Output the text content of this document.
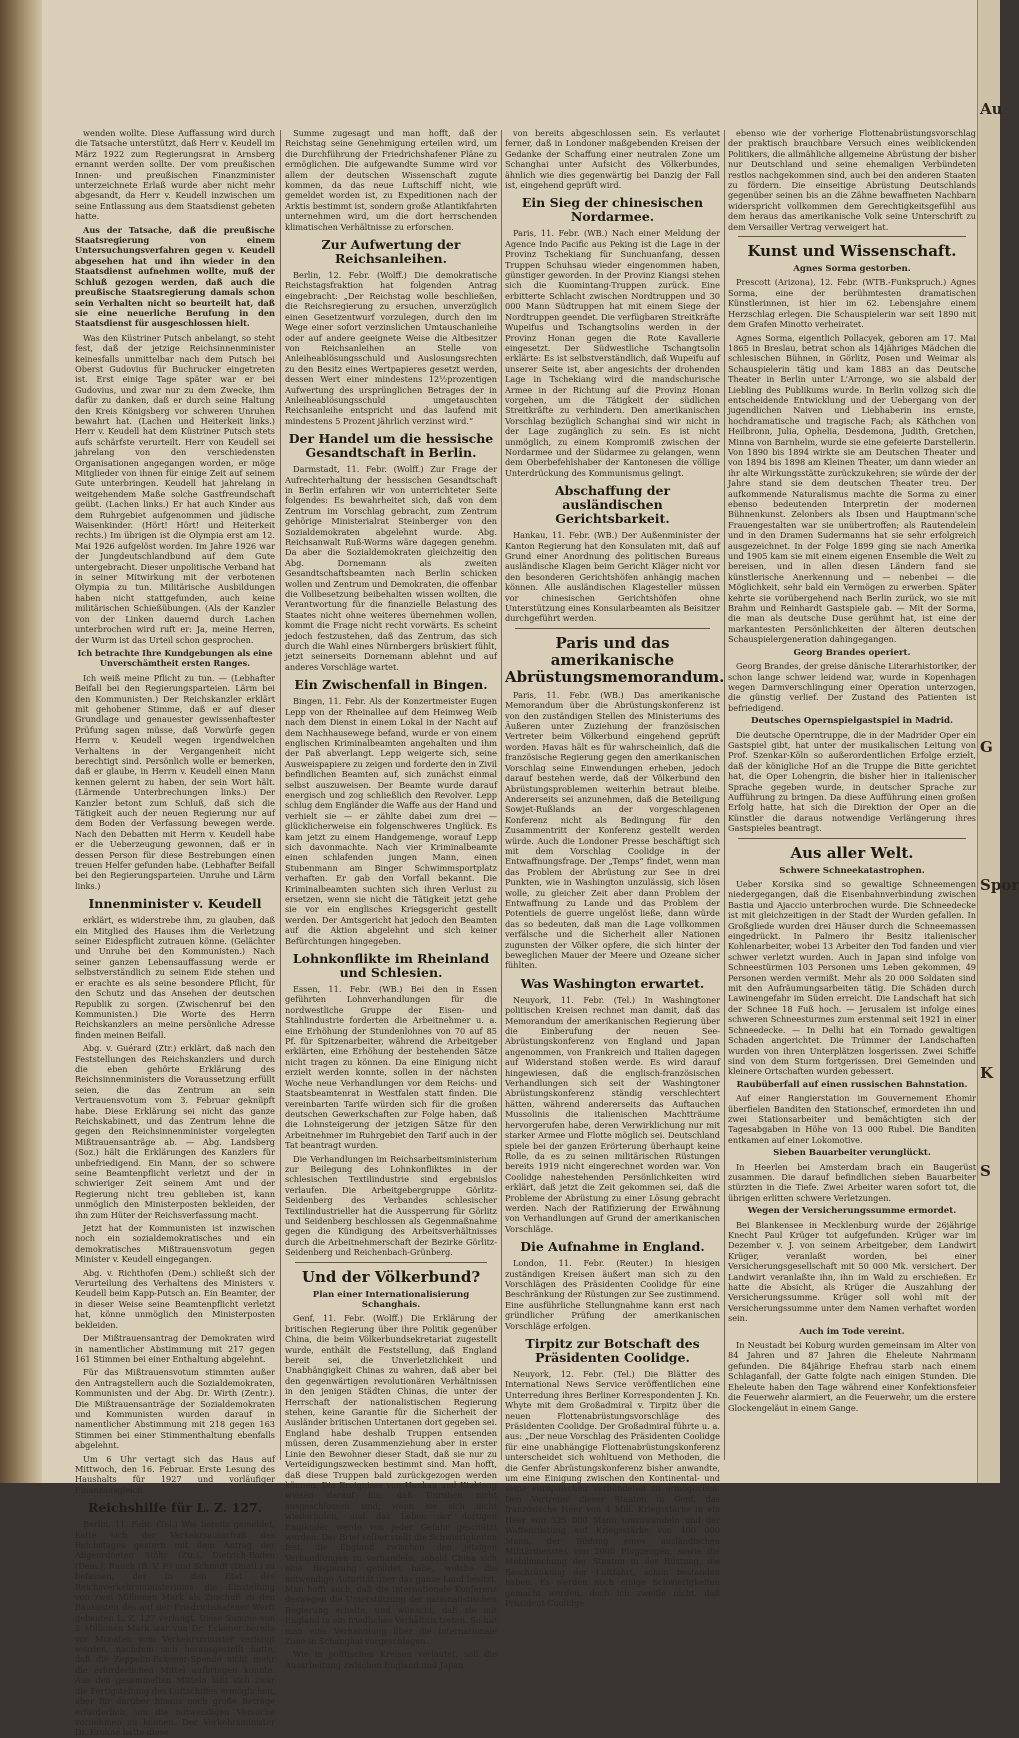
wenden wollte. Diese Auffassung wird durch die Tatsache unterstützt, daß Herr v. Keudell im März 1922 zum Regierungsrat in Arnsberg ernannt werden sollte. Der vom preußischen Innen- und preußischen Finanzminister unterzeichnete Erlaß wurde aber nicht mehr abgesandt, da Herr v. Keudell inzwischen um seine Entlassung aus dem Staatsdienst gebeten hatte.

Aus der Tatsache, daß die preußische Staatsregierung von einem Untersuchungsverfahren gegen v. Keudell abgesehen hat und ihn wieder in den Staatsdienst aufnehmen wollte, muß der Schluß gezogen werden, daß auch die preußische Staatsregierung damals schon sein Verhalten nicht so beurteilt hat, daß sie eine neuerliche Berufung in den Staatsdienst für ausgeschlossen hielt.

Was den Küstriner Putsch anbelangt, so steht fest, daß der jetzige Reichsinnenminister keinesfalls unmittelbar nach dem Putsch bei Oberst Gudovius für Buchrucker eingetreten ist. Erst einige Tage später war er bei Gudovius, und zwar nur zu dem Zwecke, ihm dafür zu danken, daß er durch seine Haltung den Kreis Königsberg vor schweren Unruhen bewahrt hat. (Lachen und Heiterkeit links.) Herr v. Keudell hat dem Küstriner Putsch stets aufs schärfste verurteilt. Herr von Keudell sei jahrelang von den verschiedensten Organisationen angegangen worden, er möge Mitglieder von ihnen für einige Zeit auf seinem Gute unterbringen. Keudell hat jahrelang in weitgehendem Maße solche Gastfreundschaft geübt. (Lachen links.) Er hat auch Kinder aus dem Ruhrgebiet aufgenommen und jüdische Waisenkinder. (Hört! Hört! und Heiterkeit rechts.) Im übrigen ist die Olympia erst am 12. Mai 1926 aufgelöst worden. Im Jahre 1926 war der Jungdeutschlandbund auf dem Gute untergebracht. Dieser unpolitische Verband hat in seiner Mitwirkung mit der verbotenen Olympia zu tun. Militärische Ausbildungen haben nicht stattgefunden, auch keine militärischen Schießübungen. (Als der Kanzler von der Linken dauernd durch Lachen unterbrochen wird ruft er: Ja, meine Herren, der Wurm ist das Urteil schon gesprochen.

Ich betrachte Ihre Kundgebungen als eine Unverschämtheit ersten Ranges.

Ich weiß meine Pflicht zu tun. — (Lebhafter Beifall bei den Regierungsparteien. Lärm bei den Kommunisten.) Der Reichskanzler erklärt mit gehobener Stimme, daß er auf dieser Grundlage und genauester gewissenhaftester Prüfung sagen müsse, daß Vorwürfe gegen Herrn v. Keudell wegen irgendwelchen Verhaltens in der Vergangenheit nicht berechtigt sind. Persönlich wolle er bemerken, daß er glaube, in Herrn v. Keudell einen Mann kennen gelernt zu haben, der sein Wort hält. (Lärmende Unterbrechungen links.) Der Kanzler betont zum Schluß, daß sich die Tätigkeit auch der neuen Regierung nur auf dem Boden der Verfassung bewegen werde. Nach den Debatten mit Herrn v. Keudell habe er die Ueberzeugung gewonnen, daß er in dessen Person für diese Bestrebungen einen treuen Helfer gefunden habe. (Lebhafter Beifall bei den Regierungsparteien. Unruhe und Lärm links.)

Innenminister v. Keudell

erklärt, es widerstrebe ihm, zu glauben, daß ein Mitglied des Hauses ihm die Verletzung seiner Eidespflicht zutrauen könne. (Gelächter und Unruhe bei den Kommunisten.) Nach seiner ganzen Lebensauffassung werde er selbstverständlich zu seinem Eide stehen und er erachte es als seine besondere Pflicht, für den Schutz und das Ansehen der deutschen Republik zu sorgen. (Zwischenruf bei den Kommunisten.) Die Worte des Herrn Reichskanzlers an meine persönliche Adresse finden meinen Beifall.

Abg. v. Guérard (Ztr.) erklärt, daß nach den Feststellungen des Reichskanzlers und durch die eben gehörte Erklärung des Reichsinnenministers die Voraussetzung erfüllt seien, die das Zentrum an sein Vertrauensvotum vom 3. Februar geknüpft habe. Diese Erklärung sei nicht das ganze Reichskabinett, und das Zentrum lehne die gegen den Reichsinnenminister vorgelegten Mißtrauensanträge ab. — Abg. Landsberg (Soz.) hält die Erklärungen des Kanzlers für unbefriedigend. Ein Mann, der so schwere seine Beamtenpflicht verletzt und der in schwieriger Zeit seinem Amt und der Regierung nicht treu geblieben ist, kann unmöglich den Ministerposten bekleiden, der ihn zum Hüter der Reichsverfassung macht.

Jetzt hat der Kommunisten ist inzwischen noch ein sozialdemokratisches und ein demokratisches Mißtrauensvotum gegen Minister v. Keudell eingegangen.

Abg. v. Richthofen (Dem.) schließt sich der Verurteilung des Verhaltens des Ministers v. Keudell beim Kapp-Putsch an. Ein Beamter, der in dieser Weise seine Beamtenpflicht verletzt hat, könne unmöglich den Ministerposten bekleiden.

Der Mißtrauensantrag der Demokraten wird in namentlicher Abstimmung mit 217 gegen 161 Stimmen bei einer Enthaltung abgelehnt.

Für das Mißtrauensvotum stimmten außer den Antragstellern auch die Sozialdemokraten, Kommunisten und der Abg. Dr. Wirth (Zentr.). Die Mißtrauensanträge der Sozialdemokraten und Kommunisten wurden darauf in namentlicher Abstimmung mit 218 gegen 163 Stimmen bei einer Stimmenthaltung ebenfalls abgelehnt.

Um 6 Uhr vertagt sich das Haus auf Mittwoch, den 16. Februar. Erste Lesung des Haushalts für 1927 und vorläufiger Finanzausgleich.

Reichshilfe für L. Z. 127.

Berlin, 11. Febr. (Tel.) Wie bereits gemeldet, hatte sich der Verkehrsausschuß des Reichstages gestern mit dem Antrag der Abgeordneten Stöhr (Ztr.), Dietrich-Baden (Dem.), Rauch (B. V. P.) und Schmidt (Dnatl.) zu befassen, der in den Etat des Reichsverkehrsministeriums die Einstellung von zwei Millionen Mark als Zuschuß zu den Baukosten des auf der Friedrichshafener Werft gebauten L. Z. 127 verlangt. Diese Summe von 2 Millionen Mark war von Dr. Eckener bereits vor Monaten vom Verkehrsminister verlangt worden, nachdem sich herausgestellt hatte, daß die Zeppelin-Eckener-Spende nicht mehr die erforderlichen Mittel aufbringen konnte. Aus den gesammelten Mitteln läßt sich zwar die Fertigstellung des Luftschiffes ermöglichen, aber für darüber hinaus noch große Beträge erforderlich, um die notwendigen Versuche vornehmen zu können. Der Verkehrsminister Dr. Krohne hatte diese

Summe zugesagt und man hofft, daß der Reichstag seine Genehmigung erteilen wird, um die Durchführung der Friedrichshafener Pläne zu ermöglichen. Die aufgewandte Summe wird vor allem der deutschen Wissenschaft zugute kommen, da das neue Luftschiff nicht, wie gemeldet worden ist, zu Expeditionen nach der Arktis bestimmt ist, sondern große Atlantikfahrten unternehmen wird, um die dort herrschenden klimatischen Verhältnisse zu erforschen.

Zur Aufwertung der Reichsanleihen.

Berlin, 12. Febr. (Wolff.) Die demokratische Reichstagsfraktion hat folgenden Antrag eingebracht: „Der Reichstag wolle beschließen, die Reichsregierung zu ersuchen, unverzüglich einen Gesetzentwurf vorzulegen, durch den im Wege einer sofort verzinslichen Umtauschanleihe oder auf andere geeignete Weise die Altbesitzer von Reichsanleihen an Stelle von Anleiheablösungsschuld und Auslosungsrechten zu den Besitz eines Wertpapieres gesetzt werden, dessen Wert einer mindestens 12½prozentigen Aufwertung des ursprünglichen Betrages der in Anleiheablösungsschuld umgetauschten Reichsanleihe entspricht und das laufend mit mindestens 5 Prozent jährlich verzinst wird.“

Der Handel um die hessische Gesandtschaft in Berlin.

Darmstadt, 11. Febr. (Wolff.) Zur Frage der Aufrechterhaltung der hessischen Gesandtschaft in Berlin erfahren wir von unterrichteter Seite folgendes: Es bewahrheitet sich, daß von dem Zentrum im Vorschlag gebracht, zum Zentrum gehörige Ministerialrat Steinberger von den Sozialdemokraten abgelehnt wurde. Abg. Reichsanwalt Ruß-Worms wäre dagegen genehm. Da aber die Sozialdemokraten gleichzeitig den Abg. Dornemann als zweiten Gesandtschaftsbeamten nach Berlin schicken wollen und Zentrum und Demokraten, die offenbar die Vollbesetzung beibehalten wissen wollten, die Verantwortung für die finanzielle Belastung des Staates nicht ohne weiteres übernehmen wollen, kommt die Frage nicht recht vorwärts. Es scheint jedoch festzustehen, daß das Zentrum, das sich durch die Wahl eines Nürnbergers brüskiert fühlt, jetzt seinerseits Dornemann ablehnt und auf anderes Vorschläge wartet.

Ein Zwischenfall in Bingen.

Bingen, 11. Febr. Als der Konzertmeister Eugen Lepp von der Rheinallee auf dem Heimweg Weib nach dem Dienst in einem Lokal in der Nacht auf dem Nachhausewege befand, wurde er von einem englischen Kriminalbeamten angehalten und ihm der Paß abverlangt. Lepp weigerte sich, seine Ausweispapiere zu zeigen und forderte den in Zivil befindlichen Beamten auf, sich zunächst einmal selbst auszuweisen. Der Beamte wurde darauf energisch und zog schließlich den Revolver. Lepp schlug dem Engländer die Waffe aus der Hand und verhielt sie — er zählte dabei zum drei — glücklicherweise ein folgenschweres Unglück. Es kam jetzt zu einem Handgemenge, worauf Lepp sich davonmachte. Nach vier Kriminalbeamte einen schlafenden jungen Mann, einen Stubenmann am Binger Schwimmsportplatz verhaften. Er gab den Vorfall bekannt. Die Kriminalbeamten suchten sich ihren Verlust zu ersetzen, wenn sie nicht die Tätigkeit jetzt gehe sie vor ein englisches Kriegsgericht gestellt werden. Der Amtsgericht hat jedoch den Beamten auf die Aktion abgelehnt und sich keiner Befürchtungen hingegeben.

Lohnkonflikte im Rheinland und Schlesien.

Essen, 11. Febr. (WB.) Bei den in Essen geführten Lohnverhandlungen für die nordwestliche Gruppe der Eisen- und Stahlindustrie forderten die Arbeitnehmer u. a. eine Erhöhung der Stundenlohnes von 70 auf 85 Pf. für Spitzenarbeiter, während die Arbeitgeber erklärten, eine Erhöhung der bestehenden Sätze nicht tragen zu können. Da eine Einigung nicht erzielt werden konnte, sollen in der nächsten Woche neue Verhandlungen vor dem Reichs- und Staatsbeamtenrat in Westfalen statt finden. Die vereinbarten Tarife würden sich für die großen deutschen Gewerkschaften zur Folge haben, daß die Lohnsteigerung der jetzigen Sätze für den Arbeitnehmer im Ruhrgebiet den Tarif auch in der Tat beantragt wurden.

Die Verhandlungen im Reichsarbeitsministerium zur Beilegung des Lohnkonfliktes in der schlesischen Textilindustrie sind ergebnislos verlaufen. Die Arbeitgebergruppe Görlitz-Seidenberg des Verbandes schlesischer Textilindustrieller hat die Aussperrung für Görlitz und Seidenberg beschlossen als Gegenmaßnahme gegen die Kündigung des Arbeitsverhältnisses durch die Arbeitnehmerschaft der Bezirke Görlitz-Seidenberg und Reichenbach-Grünberg.

Und der Völkerbund?
Plan einer Internationalisierung Schanghais.

Genf, 11. Febr. (Wolff.) Die Erklärung der britischen Regierung über ihre Politik gegenüber China, die beim Völkerbundsekretariat zugestellt wurde, enthält die Feststellung, daß England bereit sei, die Unverletzlichkeit und Unabhängigkeit Chinas zu wahren, daß aber bei den gegenwärtigen revolutionären Verhältnissen in den jenigen Städten Chinas, die unter der Herrschaft der nationalistischen Regierung stehen, keine Garantie für die Sicherheit der Ausländer britischen Untertanen dort gegeben sei. England habe deshalb Truppen entsenden müssen, deren Zusammenziehung aber in erster Linie den Bewohner dieser Stadt, daß sie nur zu Verteidigungszwecken bestimmt sind. Man hofft, daß diese Truppen bald zurückgezogen werden können. Die Ereignisse von Hankau und Kiukiang wiesen darauf hin, daß Unruhen nicht ausgeschlossen sind, wenn sie sich nicht wiederholen, und das Leben der dortigen Engländer werde von jeder Gefahr geschützt werden. Der Brief selber stellt die Schwierigkeiten fest, die England zwischen den jetzigen Verhandlungen zu verhandeln, sobald China sich eine Regierung gebildet habe, welche die notwendige Autorität über das ganze Land besitzt. Man hofft auch, daß die internationale Konferenz deswegen die Unterstützung der nationalistischen Regierung erhalte, und wünscht, daß sie mit England in ein friedliches Verhältnis treten. So hat man eine Verhandlung über die internationale Zone in Schanghai vorgeschlagen.

Wie in politischen Kreisen verlautet, soll die Ausarbeitung zwischen England und Japan

von bereits abgeschlossen sein. Es verlautet ferner, daß in Londoner maßgebenden Kreisen der Gedanke der Schaffung einer neutralen Zone um Schanghai unter Aufsicht des Völkerbundes, ähnlich wie dies gegenwärtig bei Danzig der Fall ist, eingehend geprüft wird.

Ein Sieg der chinesischen Nordarmee.

Paris, 11. Febr. (WB.) Nach einer Meldung der Agence Indo Pacific aus Peking ist die Lage in der Provinz Tschekiang für Sunchuanfang, dessen Truppen Schuhsau wieder eingenommen haben, günstiger geworden. In der Provinz Kiangsi stehen sich die Kuomintang-Truppen zurück. Eine erbitterte Schlacht zwischen Nordtruppen und 30 000 Mann Südtruppen hat mit einem Siege der Nordtruppen geendet. Die verfügbaren Streitkräfte Wupeifus und Tschangtsolins werden in der Provinz Honan gegen die Rote Kavallerie eingesetzt. Der Südwestliche Tschangtsolin erklärte: Es ist selbstverständlich, daß Wupeifu auf unserer Seite ist, aber angesichts der drohenden Lage in Tschekiang wird die mandschurische Armee in der Richtung auf die Provinz Honan vorgehen, um die Tätigkeit der südlichen Streitkräfte zu verhindern. Den amerikanischen Vorschlag bezüglich Schanghai sind wir nicht in der Lage zugänglich zu sein. Es ist nicht unmöglich, zu einem Kompromiß zwischen der Nordarmee und der Südarmee zu gelangen, wenn dem Oberbefehlshaber der Kantonesen die völlige Unterdrückung des Kommunismus gelingt.

Abschaffung der ausländischen Gerichtsbarkeit.

Hankau, 11. Febr. (WB.) Der Außenminister der Kanton Regierung hat den Konsulaten mit, daß auf Grund einer Anordnung des politischen Bureaus ausländische Klagen beim Gericht Kläger nicht vor den besonderen Gerichtshöfen anhängig machen können. Alle ausländischen Klagesteller müssen vor chinesischen Gerichtshöfen ohne Unterstützung eines Konsularbeamten als Beisitzer durchgeführt werden.

Paris und das amerikanische Abrüstungsmemorandum.

Paris, 11. Febr. (WB.) Das amerikanische Memorandum über die Abrüstungskonferenz ist von den zuständigen Stellen des Ministeriums des Äußeren unter Zuziehung der französischen Vertreter beim Völkerbund eingehend geprüft worden. Havas hält es für wahrscheinlich, daß die französische Regierung gegen den amerikanischen Vorschlag seine Einwendungen erheben, jedoch darauf bestehen werde, daß der Völkerbund den Abrüstungsproblemen weiterhin betraut bleibe. Andererseits sei anzunehmen, daß die Beteiligung Sowjet-Rußlands an der vorgeschlagenen Konferenz nicht als Bedingung für den Zusammentritt der Konferenz gestellt werden würde. Auch die Londoner Presse beschäftigt sich mit dem Vorschlag Coolidge in der Entwaffnungsfrage. Der „Temps“ findet, wenn man das Problem der Abrüstung zur See in drei Punkten, wie in Washington unzulässig, sich lösen wolle, zu gleicher Zeit aber dann Problem der Entwaffnung zu Lande und das Problem der Potentiels de guerre ungelöst ließe, dann würde das so bedeuten, daß man die Lage vollkommen verfälsche und die Sicherheit aller Nationen zugunsten der Völker opfere, die sich hinter der beweglichen Mauer der Meere und Ozeane sicher fühlten.

Was Washington erwartet.

Neuyork, 11. Febr. (Tel.) In Washingtoner politischen Kreisen rechnet man damit, daß das Memorandum der amerikanischen Regierung über die Einberufung der neuen See-Abrüstungskonferenz von England und Japan angenommen, von Frankreich und Italien dagegen auf Widerstand stoßen werde. Es wird darauf hingewiesen, daß die englisch-französischen Verhandlungen sich seit der Washingtoner Abrüstungskonferenz ständig verschlechtert hätten, während andererseits das Auftauchen Mussolinis die italienischen Machtträume hervorgerufen habe, deren Verwirklichung nur mit starker Armee und Flotte möglich sei. Deutschland spiele bei der ganzen Erörterung überhaupt keine Rolle, da es zu seinen militärischen Rüstungen bereits 1919 nicht eingerechnet worden war. Von Coolidge nahestehenden Persönlichkeiten wird erklärt, daß jetzt die Zeit gekommen sei, daß die Probleme der Abrüstung zu einer Lösung gebracht werden. Nach der Ratifizierung der Erwähnung von Verhandlungen auf Grund der amerikanischen Vorschläge.

Die Aufnahme in England.

London, 11. Febr. (Reuter.) In hiesigen zuständigen Kreisen äußert man sich zu den Vorschlägen des Präsidenten Coolidge für eine Beschränkung der Rüstungen zur See zustimmend. Eine ausführliche Stellungnahme kann erst nach gründlicher Prüfung der amerikanischen Vorschläge erfolgen.

Tirpitz zur Botschaft des Präsidenten Coolidge.

Neuyork, 12. Febr. (Tel.) Die Blätter des International News Service veröffentlichen eine Unterredung ihres Berliner Korrespondenten J. Kn. Whyte mit dem Großadmiral v. Tirpitz über die neuen Flottenabrüstungsvorschläge des Präsidenten Coolidge. Der Großadmiral führte u. a. aus: „Der neue Vorschlag des Präsidenten Coolidge für eine unabhängige Flottenabrüstungskonferenz unterscheidet sich wohltuend von Methoden, die die Genfer Abrüstungskonferenz bisher anwandte, um eine Einigung zwischen den Kontinental- und seine europäischen Verbündeten zu ermöglichen. Den Vertreter dieser Staaten in Genf, das französische Heer von 4 Mill. Kriegsstärke in ein Heer von 325 000 Mann umzuwandeln und der Waffenrüstung auf Kriegsstärke von 400 000 Mann, der Bildung eines ausländischen Militärdienstes von 2000 Flugzeugen, sowie die Mobilmachung der Staaten in der Rüstung, die Beschränkung der Luftfahrt, schon bestanden haben. Es werden noch einige Schwierigkeiten gemacht werden, doch ich zweifle nicht, daß Präsident Coolidge

ebenso wie der vorherige Flottenabrüstungsvorschlag der praktisch brauchbare Versuch eines weiblickenden Politikers, die allmähliche allgemeine Abrüstung der bisher nur Deutschland und seine ehemaligen Verbündeten restlos nachgekommen sind, auch bei den anderen Staaten zu fördern. Die einseitige Abrüstung Deutschlands gegenüber seinen bis an die Zähne bewaffneten Nachbarn widerspricht vollkommen dem Gerechtigkeitsgefühl aus dem heraus das amerikanische Volk seine Unterschrift zu dem Versailler Vertrag verweigert hat.

Kunst und Wissenschaft.
Agnes Sorma gestorben.

Prescott (Arizona), 12. Febr. (WTB.-Funkspruch.) Agnes Sorma, eine der berühmtesten dramatischen Künstlerinnen, ist hier im 62. Lebensjahre einem Herzschlag erlegen. Die Schauspielerin war seit 1890 mit dem Grafen Minotto verheiratet.

Agnes Sorma, eigentlich Pollacyek, geboren am 17. Mai 1865 in Breslau, betrat schon als 14jähriges Mädchen die schlesischen Bühnen, in Görlitz, Posen und Weimar als Schauspielerin tätig und kam 1883 an das Deutsche Theater in Berlin unter L'Arronge, wo sie alsbald der Liebling des Publikums wurde. In Berlin vollzog sich die entscheidende Entwicklung und der Uebergang von der jugendlichen Naiven und Liebhaberin ins ernste, hochdramatische und tragische Fach; als Käthchen von Heilbronn, Julia, Ophelia, Desdemona, Judith, Gretchen, Minna von Barnhelm, wurde sie eine gefeierte Darstellerin. Von 1890 bis 1894 wirkte sie am Deutschen Theater und von 1894 bis 1898 am Kleinen Theater, um dann wieder an ihr alte Wirkungsstätte zurückzukehren; sie würde der der Jahre stand sie dem deutschen Theater treu. Der aufkommende Naturalismus machte die Sorma zu einer ebenso bedeutenden Interpretin der modernen Bühnenkunst. Zelonbers als Ibsen und Hauptmann'sche Frauengestalten war sie unübertroffen; als Rautendelein und in den Dramen Sudermanns hat sie sehr erfolgreich ausgezeichnet. In der Folge 1899 ging sie nach Amerika und 1905 kam sie mit einem eigenen Ensemble die Welt zu bereisen, und in allen diesen Ländern fand sie künstlerische Anerkennung und — nebenbei — die Möglichkeit, sehr bald ein Vermögen zu erwerben. Später kehrte sie vorübergehend nach Berlin zurück, wo sie mit Brahm und Reinhardt Gastspiele gab. — Mit der Sorma, die man als deutsche Duse gerühmt hat, ist eine der markantesten Persönlichkeiten der älteren deutschen Schauspielergeneration dahingegangen.

Georg Brandes operiert.

Georg Brandes, der greise dänische Literarhistoriker, der schon lange schwer leidend war, wurde in Kopenhagen wegen Darmverschlingung einer Operation unterzogen, die günstig verlief. Der Zustand des Patienten ist befriedigend.

Deutsches Opernspielgastspiel in Madrid.

Die deutsche Operntruppe, die in der Madrider Oper ein Gastspiel gibt, hat unter der musikalischen Leitung von Prof. Szenkar-Köln so außerordentlichen Erfolge erzielt, daß der königliche Hof an die Truppe die Bitte gerichtet hat, die Oper Lohengrin, die bisher hier in italienischer Sprache gegeben wurde, in deutscher Sprache zur Aufführung zu bringen. Da diese Aufführung einen großen Erfolg hatte, hat sich die Direktion der Oper an die Künstler die daraus notwendige Verlängerung ihres Gastspieles beantragt.

Aus aller Welt.
Schwere Schneekatastrophen.

Ueber Korsika sind so gewaltige Schneemengen niedergegangen, daß die Eisenbahnverbindung zwischen Bastia und Ajaccio unterbrochen wurde. Die Schneedecke ist mit gleichzeitigen in der Stadt der Wurden gefallen. In Großgliede wurden drei Häuser durch die Schneemassen eingedrückt. In Palmero ihr Besitz italienischer Kohlenarbeiter, wobei 13 Arbeiter den Tod fanden und vier schwer verletzt wurden. Auch in Japan sind infolge von Schneestürmen 103 Personen ums Leben gekommen, 49 Personen werden vermißt. Mehr als 20 000 Soldaten sind mit den Aufräumungsarbeiten tätig. Die Schäden durch Lawinengefahr im Süden erreicht. Die Landschaft hat sich der Schnee 18 Fuß hoch. — Jerusalem ist infolge eines schweren Schneesturmes zum erstenmal seit 1921 in einer Schneedecke. — In Delhi hat ein Tornado gewaltigen Schaden angerichtet. Die Trümmer der Landschaften wurden von ihren Unterplätzen losgerissen. Zwei Schiffe sind von dem Sturm fortgerissen. Drei Gemeinden und kleinere Ortschaften wurden gebessert.

Raubüberfall auf einen russischen Bahnstation.

Auf einer Rangierstation im Gouvernement Ehomir überfielen Banditen den Stationschef, ermordeten ihn und zwei Stationsarbeiter und bemächtigten sich der Tagesabgaben in Höhe von 13 000 Rubel. Die Banditen entkamen auf einer Lokomotive.

Sieben Bauarbeiter verunglückt.

In Heerlen bei Amsterdam brach ein Baugerüst zusammen. Die darauf befindlichen sieben Bauarbeiter stürzten in die Tiefe. Zwei Arbeiter waren sofort tot, die übrigen erlitten schwere Verletzungen.

Wegen der Versicherungssumme ermordet.

Bei Blankensee in Mecklenburg wurde der 26jährige Knecht Paul Krüger tot aufgefunden. Krüger war im Dezember v. J. von seinem Arbeitgeber, dem Landwirt Krüger, veranlaßt worden, bei einer Versicherungsgesellschaft mit 50 000 Mk. versichert. Der Landwirt veranlaßte ihn, ihn im Wald zu erschießen. Er hatte die Absicht, als Krüger die Auszahlung der Versicherungssumme. Krüger soll wohl mit der Versicherungssumme unter dem Namen verhaftet worden sein.

Auch im Tode vereint.

In Neustadt bei Koburg wurden gemeinsam im Alter von 84 Jahren und 87 Jahren die Eheleute Nahrmann gefunden. Die 84jährige Ehefrau starb nach einem Schlaganfall, der Gatte folgte nach einigen Stunden. Die Eheleute haben den Tage während einer Konfektionsfeier die Feuerwehr alarmiert, an die Feuerwehr, um die erstere Glockengeläut in einem Gange.

Au
G
Spor
K
S
